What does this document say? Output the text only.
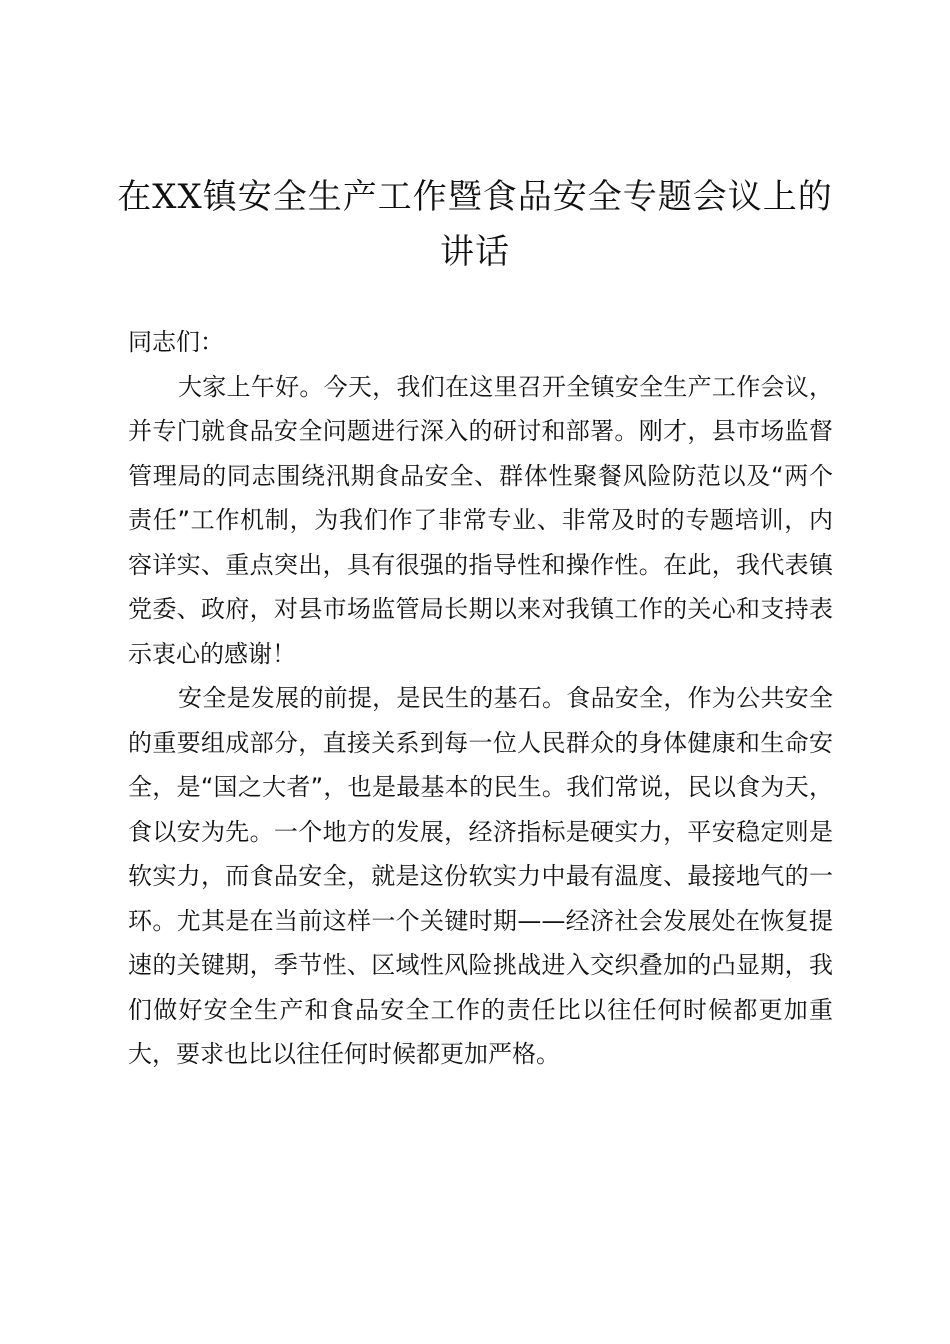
在XX镇安全生产工作暨食品安全专题会议上的讲话

同志们：

大家上午好。今天，我们在这里召开全镇安全生产工作会议，并专门就食品安全问题进行深入的研讨和部署。刚才，县市场监督管理局的同志围绕汛期食品安全、群体性聚餐风险防范以及“两个责任”工作机制，为我们作了非常专业、非常及时的专题培训，内容详实、重点突出，具有很强的指导性和操作性。在此，我代表镇党委、政府，对县市场监管局长期以来对我镇工作的关心和支持表示衷心的感谢！

安全是发展的前提，是民生的基石。食品安全，作为公共安全的重要组成部分，直接关系到每一位人民群众的身体健康和生命安全，是“国之大者”，也是最基本的民生。我们常说，民以食为天，食以安为先。一个地方的发展，经济指标是硬实力，平安稳定则是软实力，而食品安全，就是这份软实力中最有温度、最接地气的一环。尤其是在当前这样一个关键时期——经济社会发展处在恢复提速的关键期，季节性、区域性风险挑战进入交织叠加的凸显期，我们做好安全生产和食品安全工作的责任比以往任何时候都更加重大，要求也比以往任何时候都更加严格。
